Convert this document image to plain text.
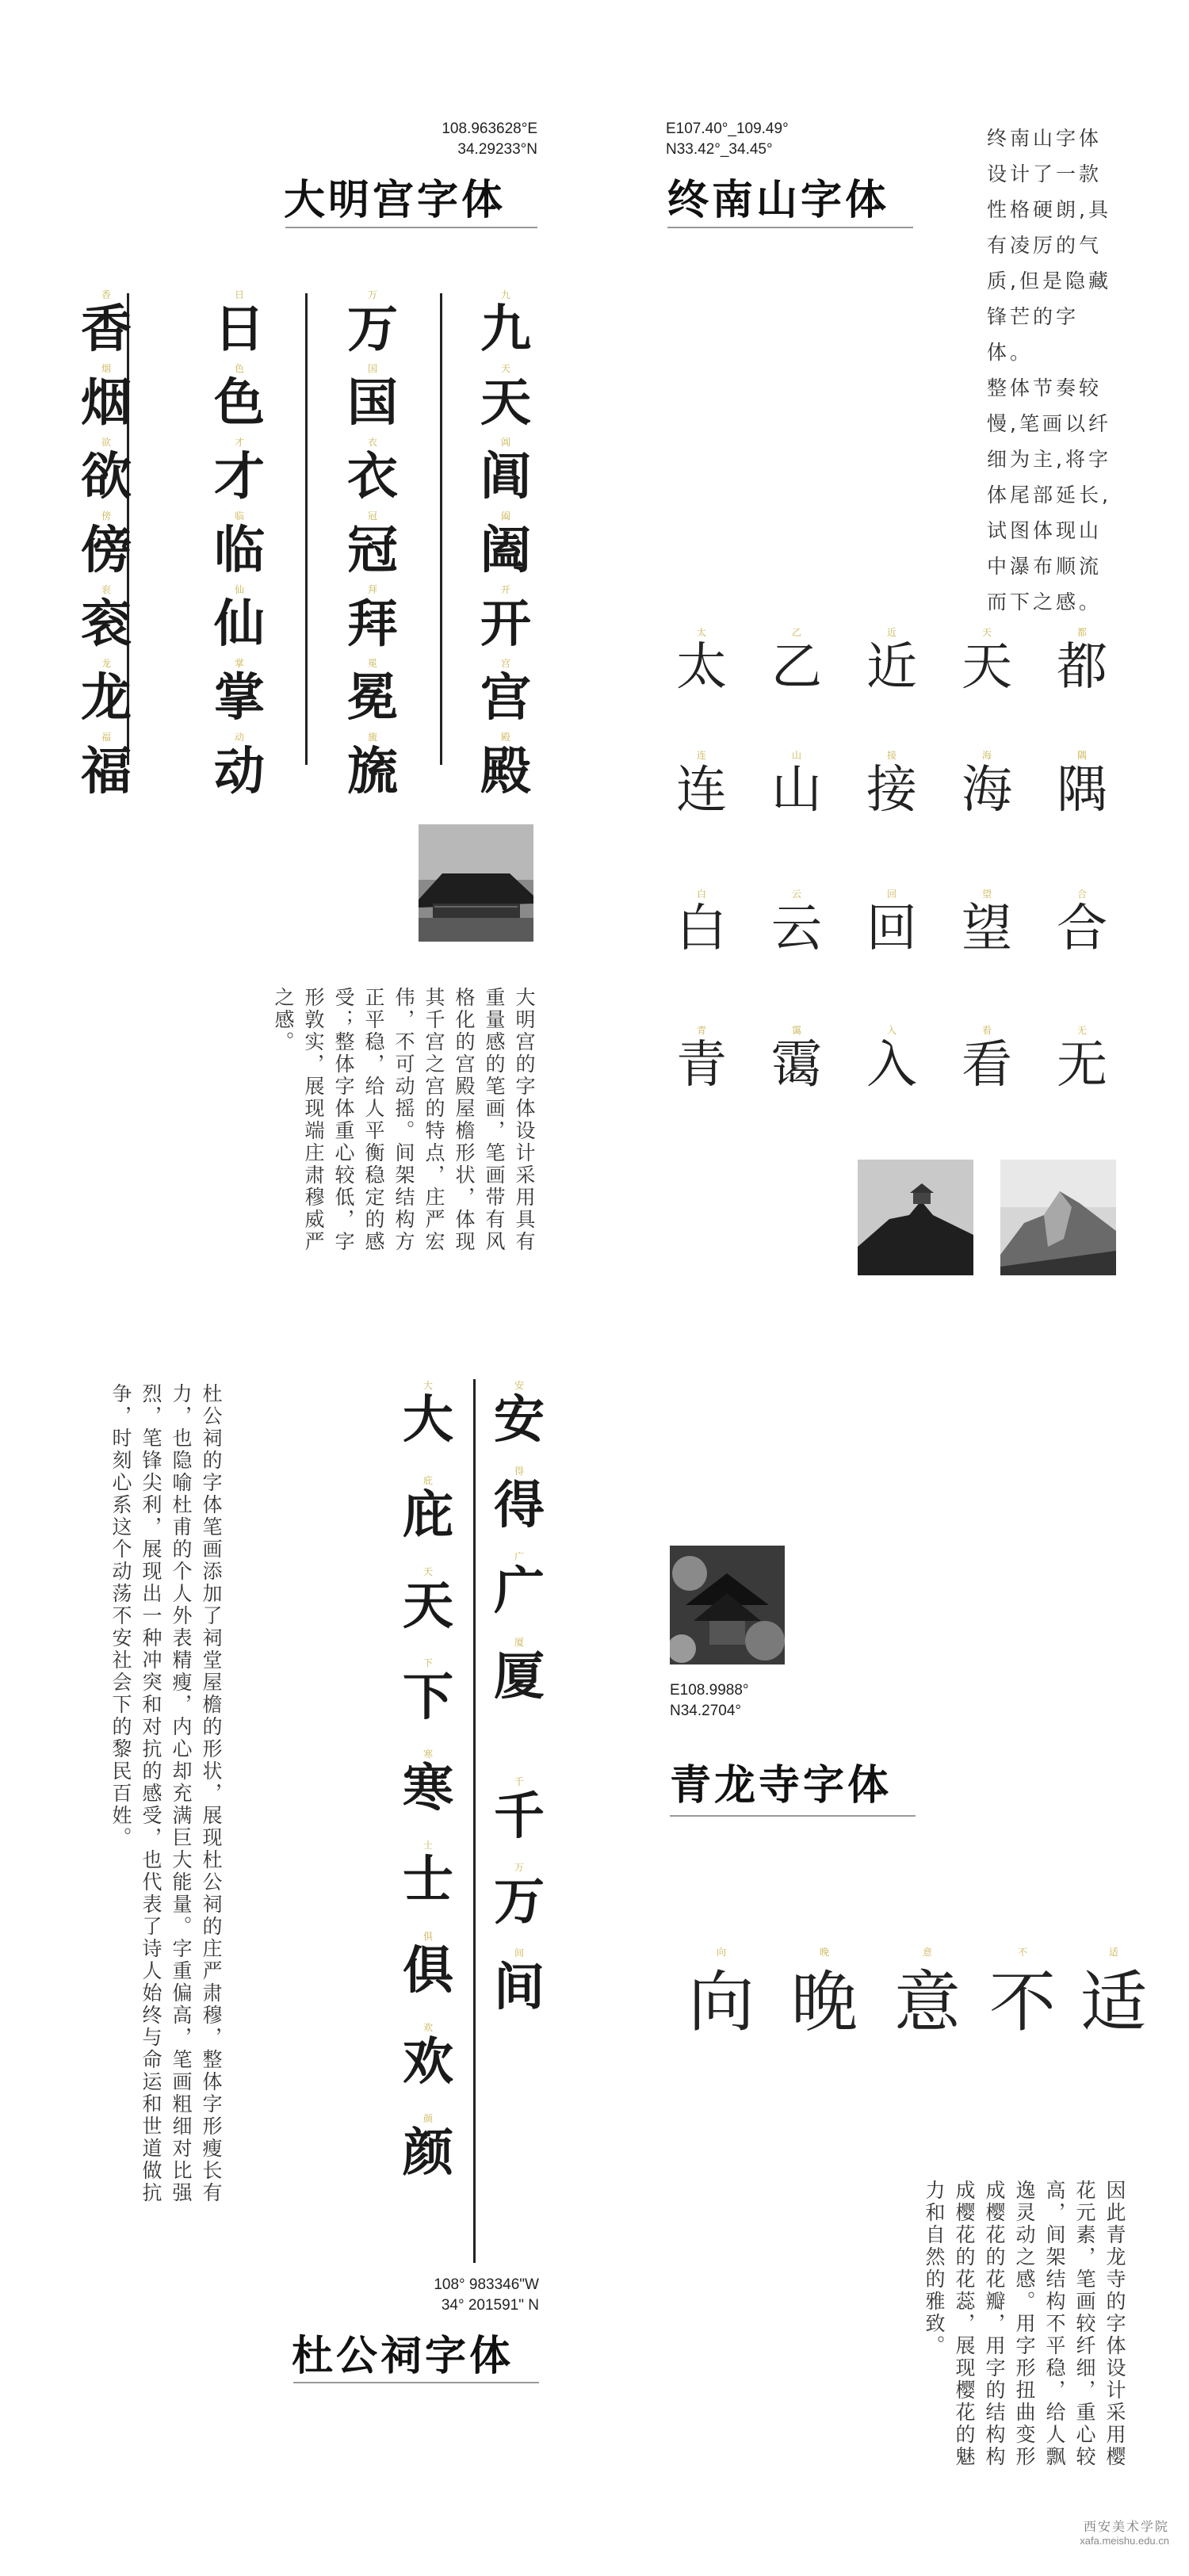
108.963628°E
34.29233°N
大明宫字体
九
九
天
天
阊
阊
阖
阖
开
开
宫
宫
殿
殿
万
万
国
国
衣
衣
冠
冠
拜
拜
冕
冕
旒
旒
日
日
色
色
才
才
临
临
仙
仙
掌
掌
动
动
香
香
烟
烟
欲
欲
傍
傍
衮
衮
龙
龙
福
福
大明宫的字体设计采用具有重量感的笔画，笔画带有风格化的宫殿屋檐形状，体现其千宫之宫的特点，庄严宏伟，不可动摇。间架结构方正平稳，给人平衡稳定的感受；整体字体重心较低，字形敦实，展现端庄肃穆威严之感。
E107.40°_109.49°
N33.42°_34.45°
终南山字体
终南山字体
设计了一款
性格硬朗,具
有凌厉的气
质,但是隐藏
锋芒的字体。
整体节奏较
慢,笔画以纤
细为主,将字
体尾部延长,
试图体现山
中瀑布顺流
而下之感。
太
太
乙
乙
近
近
天
天
都
都
连
连
山
山
接
接
海
海
隅
隅
白
白
云
云
回
回
望
望
合
合
青
青
霭
霭
入
入
看
看
无
无
杜公祠的字体笔画添加了祠堂屋檐的形状，展现杜公祠的庄严肃穆，整体字形瘦长有力，也隐喻杜甫的个人外表精瘦，内心却充满巨大能量。字重偏高，笔画粗细对比强烈，笔锋尖利，展现出一种冲突和对抗的感受，也代表了诗人始终与命运和世道做抗争，时刻心系这个动荡不安社会下的黎民百姓。	安
安
得
得
广
广
厦
厦
千
千
万
万
间
间
大
大
庇
庇
天
天
下
下
寒
寒
士
士
俱
俱
欢
欢
颜
颜
108° 983346"W
34° 201591" N
杜公祠字体
E108.9988°
N34.2704°
青龙寺字体
向
向
晚
晚
意
意
不
不
适
适
因此青龙寺的字体设计采用樱花元素，笔画较纤细，重心较高，间架结构不平稳，给人飘逸灵动之感。用字形扭曲变形成樱花的花瓣，用字的结构构成樱花的花蕊，展现樱花的魅力和自然的雅致。
西安美术学院
xafa.meishu.edu.cn
